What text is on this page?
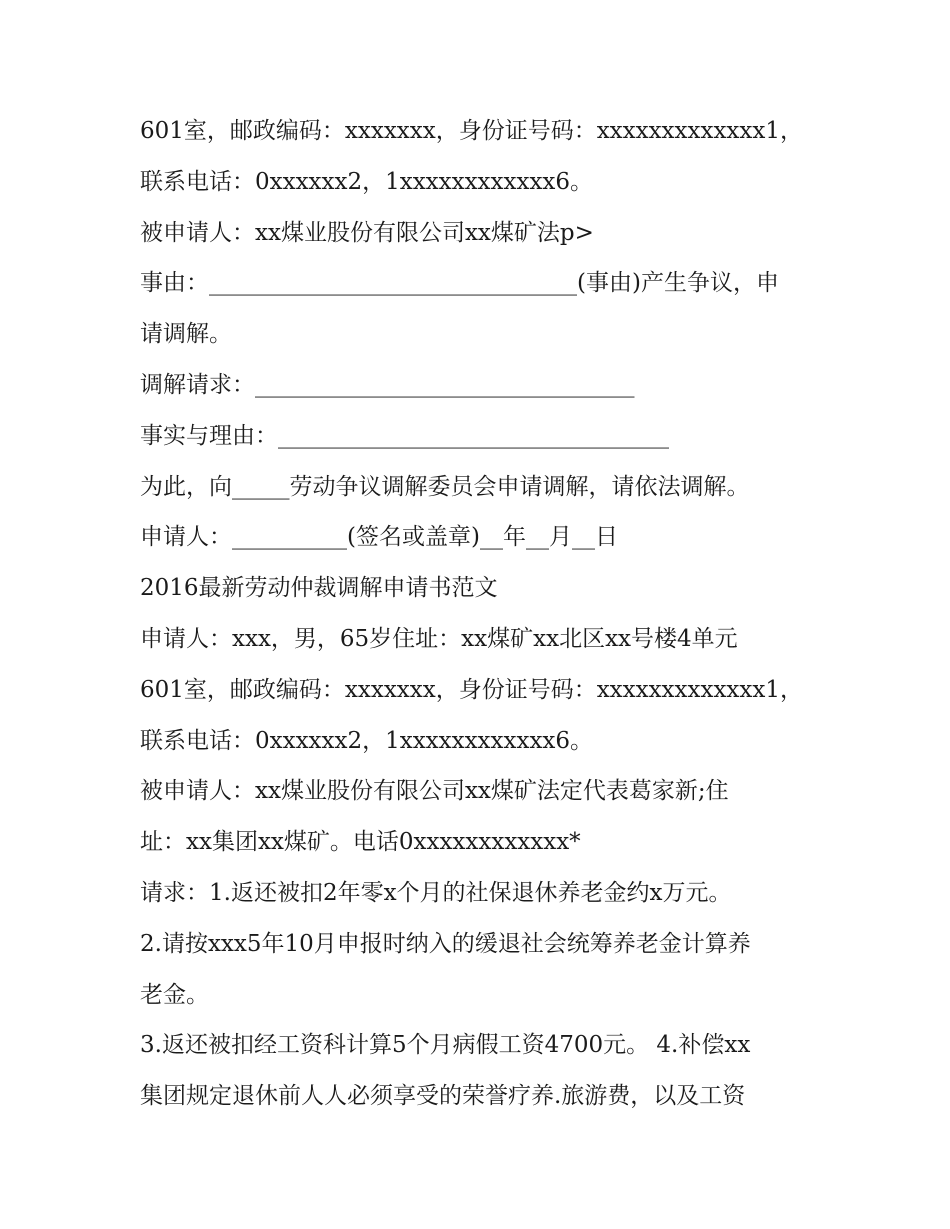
601室，邮政编码：xxxxxxx，身份证号码：xxxxxxxxxxxxx1，
联系电话：0xxxxxx2，1xxxxxxxxxxxx6。
被申请人：xx煤业股份有限公司xx煤矿法p>
事由：________________________________(事由)产生争议，申
请调解。
调解请求：_________________________________
事实与理由：__________________________________
为此，向_____劳动争议调解委员会申请调解，请依法调解。
申请人：__________(签名或盖章)__年__月__日
2016最新劳动仲裁调解申请书范文
申请人：xxx，男，65岁住址：xx煤矿xx北区xx号楼4单元
601室，邮政编码：xxxxxxx，身份证号码：xxxxxxxxxxxxx1，
联系电话：0xxxxxx2，1xxxxxxxxxxxx6。
被申请人：xx煤业股份有限公司xx煤矿法定代表葛家新;住
址：xx集团xx煤矿。电话0xxxxxxxxxxxx*
请求：1.返还被扣2年零x个月的社保退休养老金约x万元。
2.请按xxx5年10月申报时纳入的缓退社会统筹养老金计算养
老金。
3.返还被扣经工资科计算5个月病假工资4700元。 4.补偿xx
集团规定退休前人人必须享受的荣誉疗养.旅游费，以及工资
